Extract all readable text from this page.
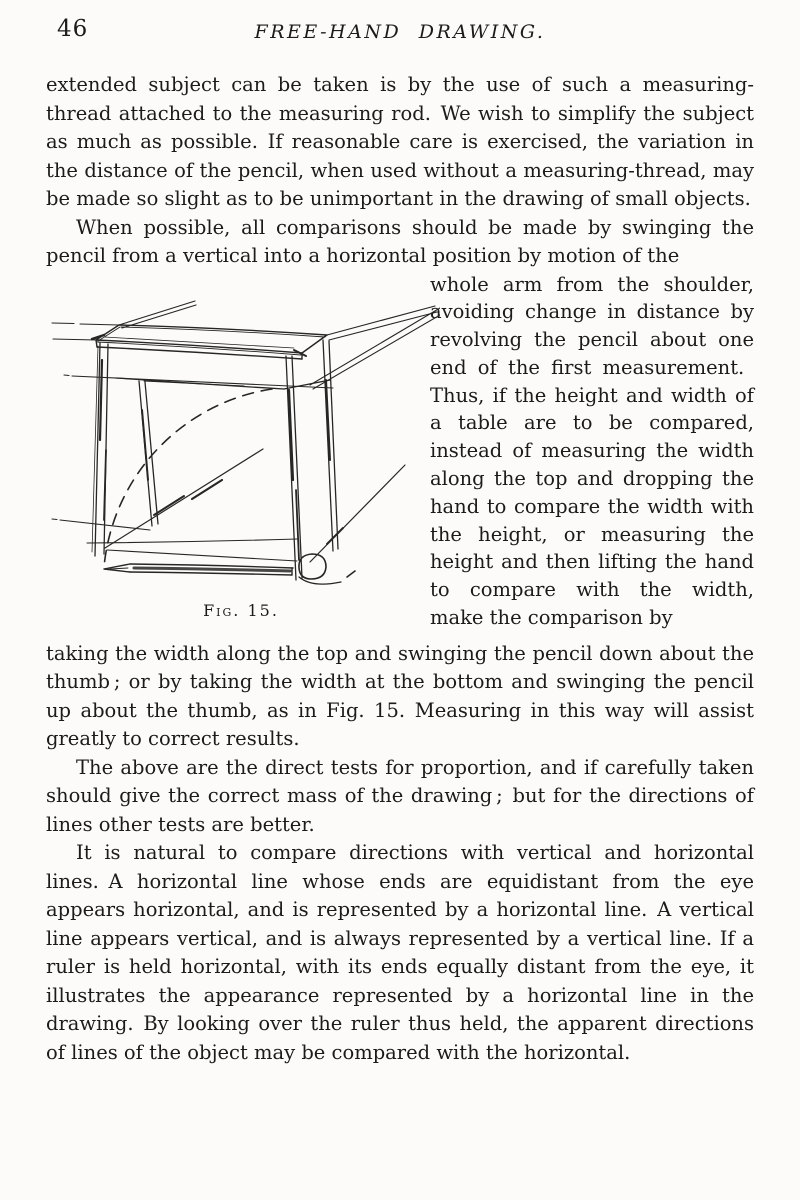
46	FREE-HAND DRAWING.

extended subject can be taken is by the use of such a measuring-thread attached to the measuring rod. We wish to simplify the subject as much as possible. If reasonable care is exercised, the variation in the distance of the pencil, when used without a measuring-thread, may be made so slight as to be unimportant in the drawing of small objects.

When possible, all comparisons should be made by swinging the pencil from a vertical into a horizontal position by motion of the

Fig. 15.
whole arm from the shoulder, avoiding change in distance by revolving the pencil about one end of the first measurement. Thus, if the height and width of a table are to be compared, instead of measuring the width along the top and dropping the hand to compare the width with the height, or measuring the height and then lifting the hand to compare with the width, make the comparison by

taking the width along the top and swinging the pencil down about the thumb ; or by taking the width at the bottom and swinging the pencil up about the thumb, as in Fig. 15. Measuring in this way will assist greatly to correct results.

The above are the direct tests for proportion, and if carefully taken should give the correct mass of the drawing ; but for the directions of lines other tests are better.

It is natural to compare directions with vertical and horizontal lines. A horizontal line whose ends are equidistant from the eye appears horizontal, and is represented by a horizontal line. A vertical line appears vertical, and is always represented by a vertical line. If a ruler is held horizontal, with its ends equally distant from the eye, it illustrates the appearance represented by a horizontal line in the drawing. By looking over the ruler thus held, the apparent directions of lines of the object may be compared with the horizontal.
